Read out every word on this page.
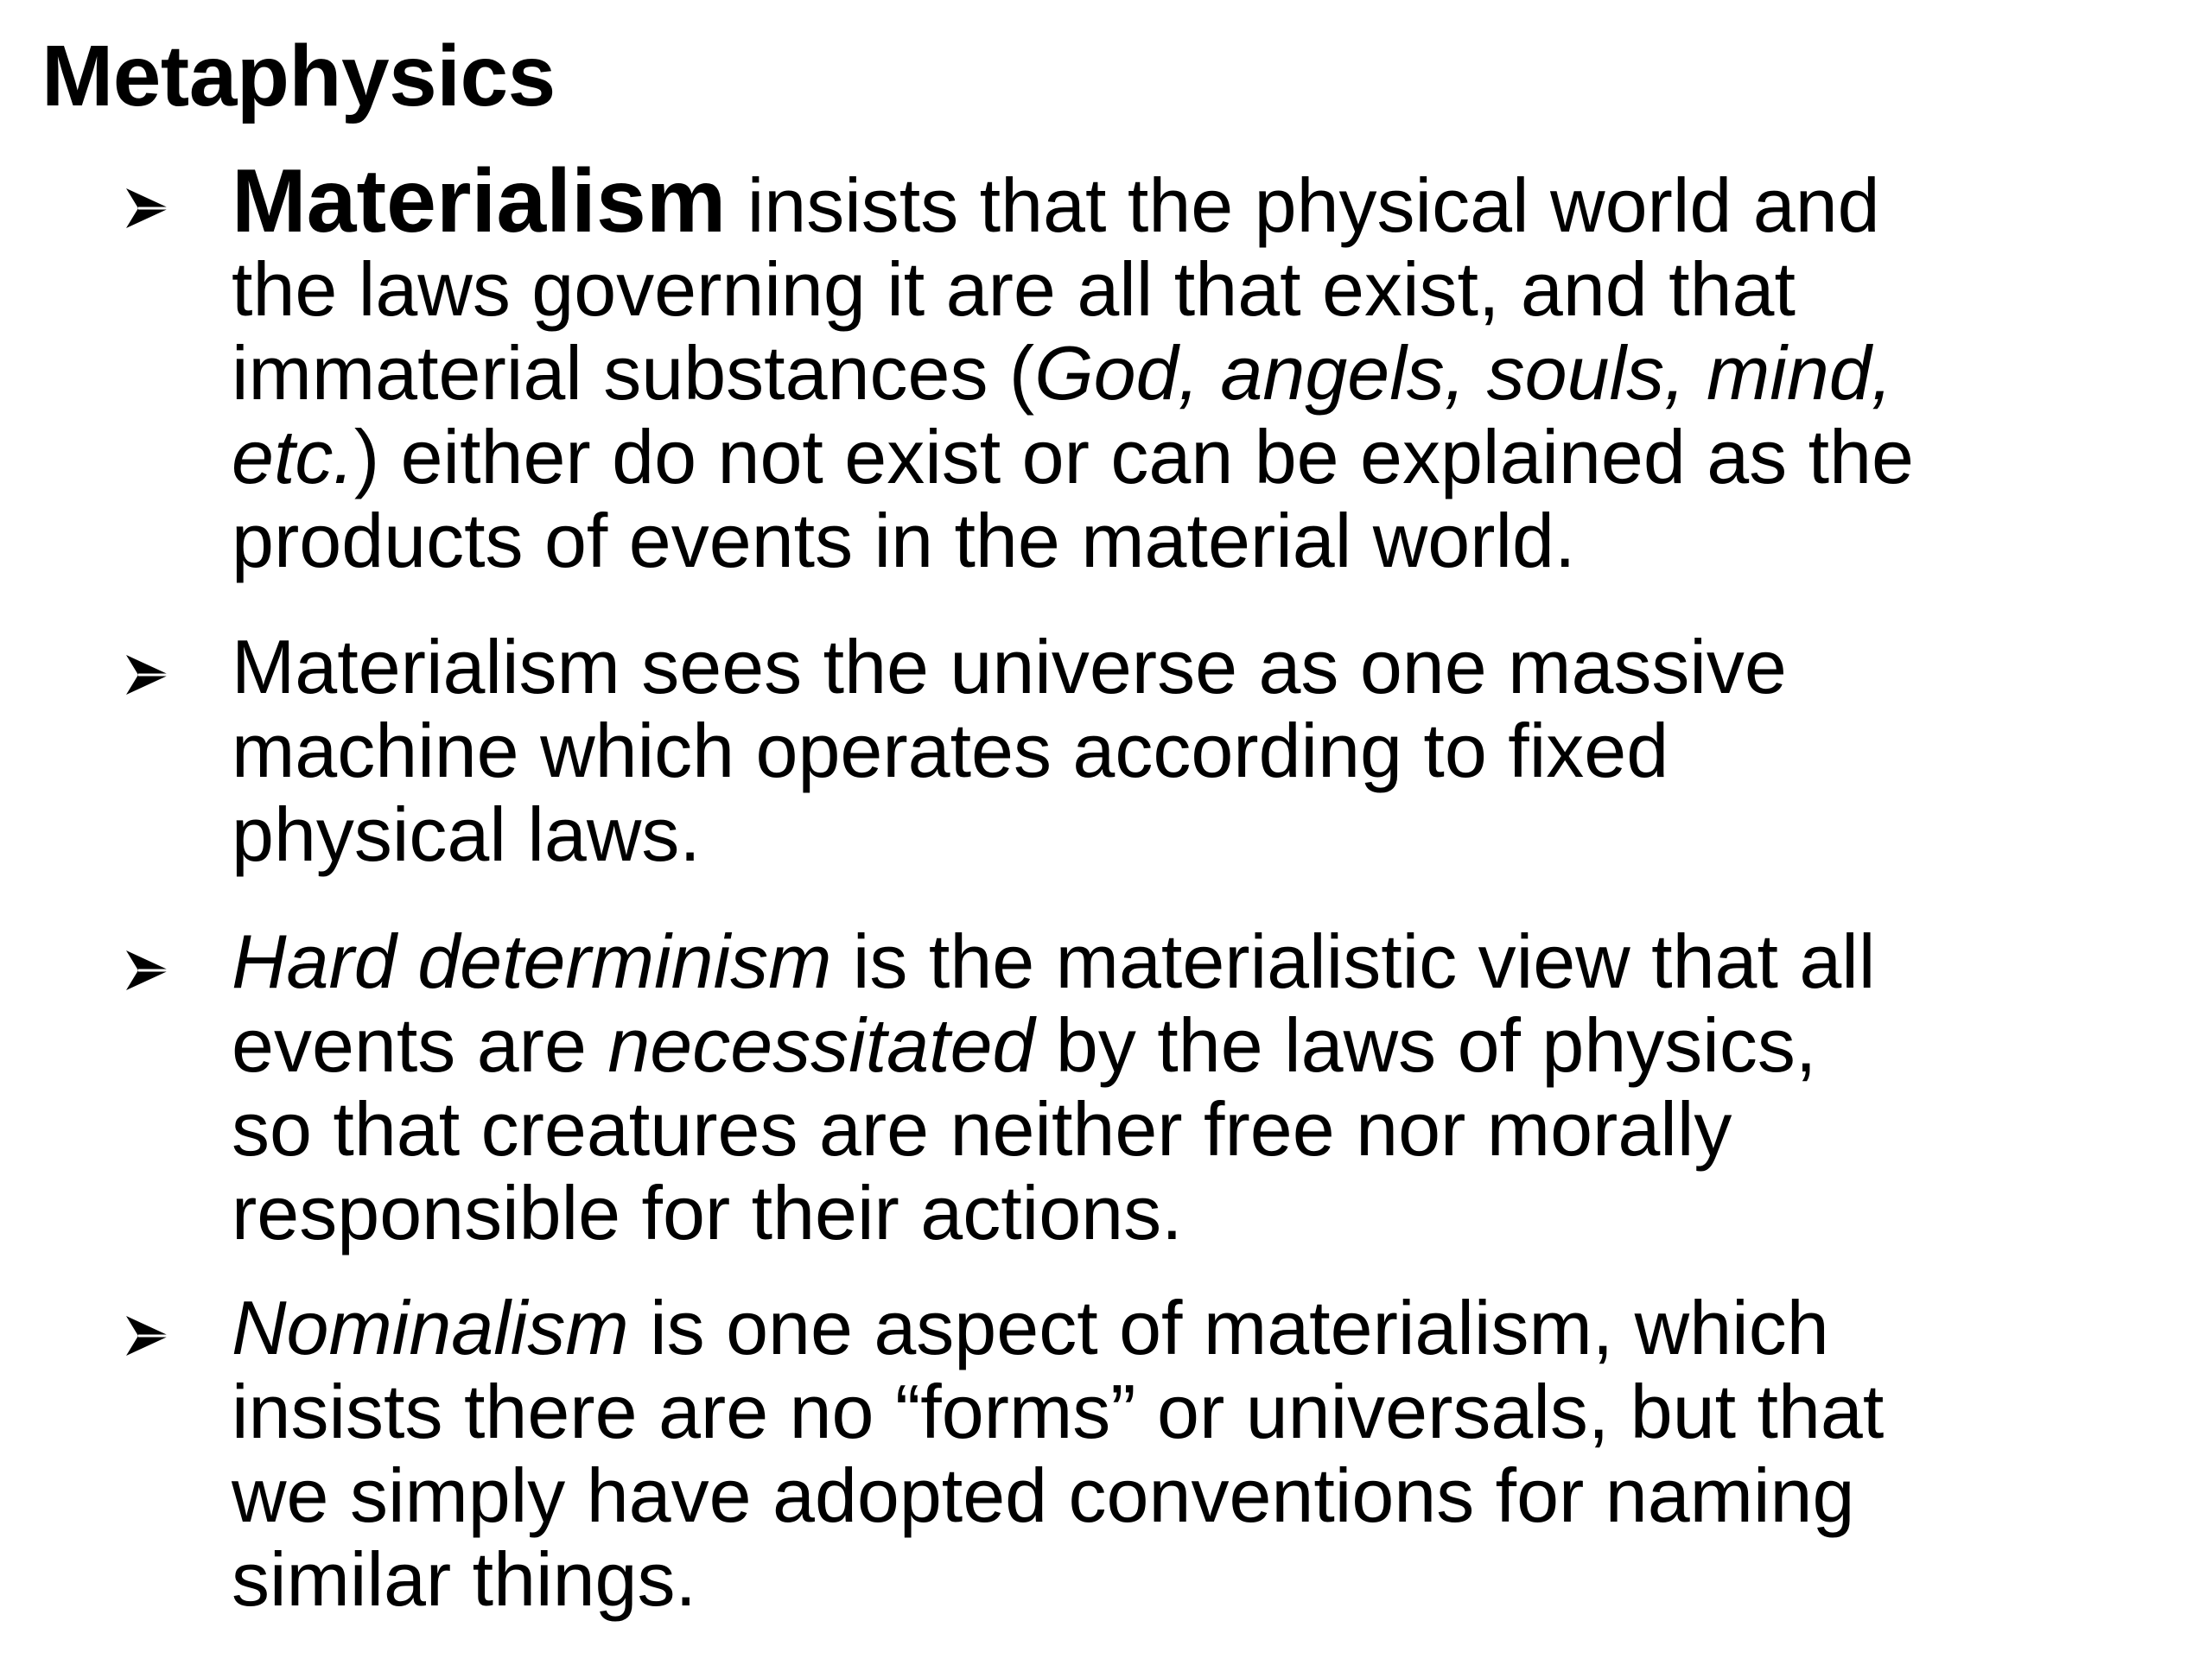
Metaphysics

Materialism insists that the physical world and
the laws governing it are all that exist, and that
immaterial substances (God, angels, souls, mind,
etc.) either do not exist or can be explained as the
products of events in the material world.

Materialism sees the universe as one massive
machine which operates according to fixed
physical laws.

Hard determinism is the materialistic view that all
events are necessitated by the laws of physics,
so that creatures are neither free nor morally
responsible for their actions.

Nominalism is one aspect of materialism, which
insists there are no “forms” or universals, but that
we simply have adopted conventions for naming
similar things.
